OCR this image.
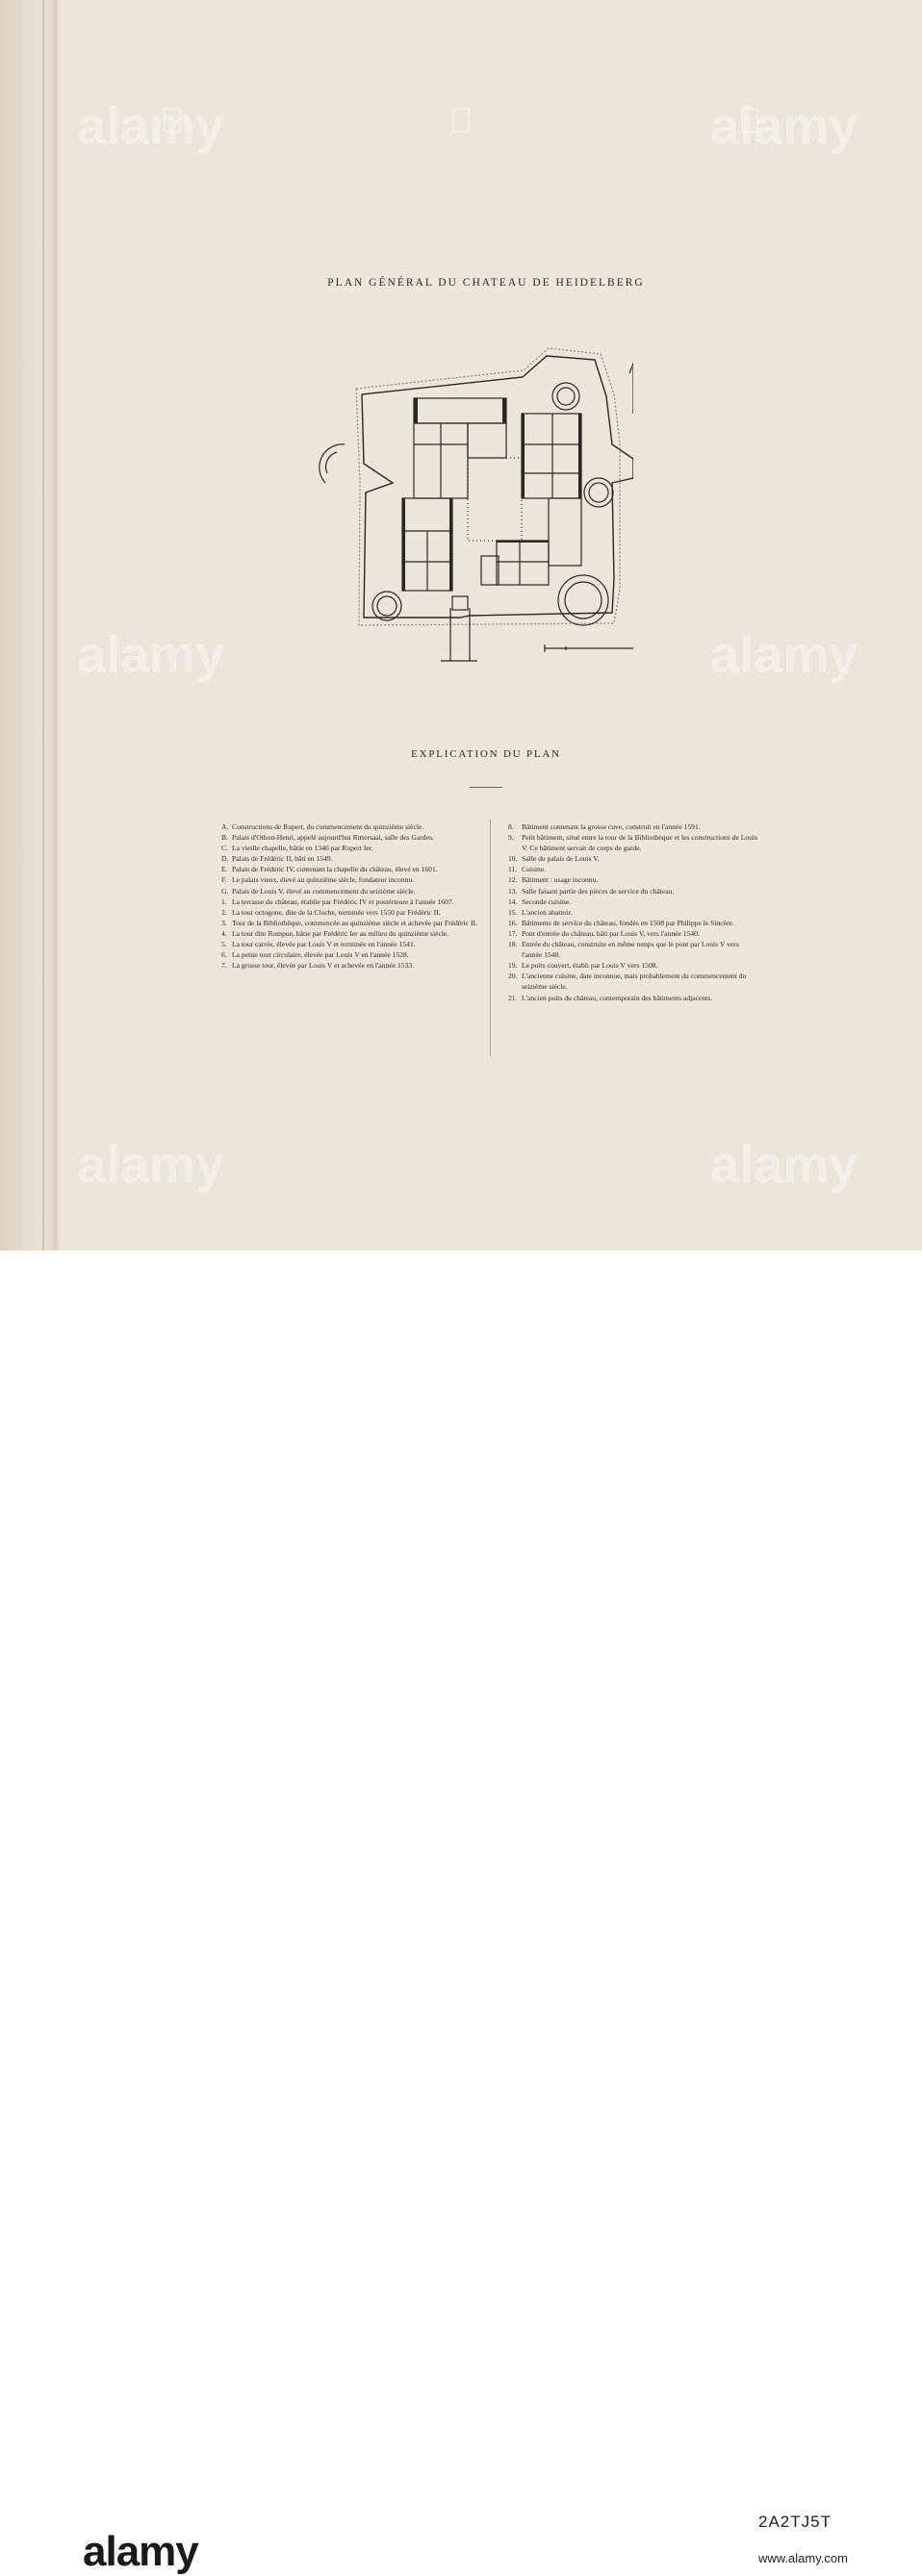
PLAN GÉNÉRAL DU CHATEAU DE HEIDELBERG
EXPLICATION DU PLAN
A. Constructions de Rupert, du commencement du quinzième siècle.
B. Palais d'Othon-Henri, appelé aujourd'hui Rittersaal, salle des Gardes.
C. La vieille chapelle, bâtie en 1346 par Rupert Ier.
D. Palais de Frédéric II, bâti en 1549.
E. Palais de Frédéric IV, contenant la chapelle du château, élevé en 1601.
F. Le palais vieux, élevé au quinzième siècle, fondateur inconnu.
G. Palais de Louis V, élevé au commencement du seizième siècle.
1. La terrasse du château, établie par Frédéric IV et postérieure à l'année 1607.
2. La tour octogone, dite de la Cloche, terminée vers 1550 par Frédéric II.
3. Tour de la Bibliothèque, commencée au quinzième siècle et achevée par Frédéric II.
4. La tour dite Rompue, bâtie par Frédéric Ier au milieu du quinzième siècle.
5. La tour carrée, élevée par Louis V et terminée en l'année 1541.
6. La petite tour circulaire, élevée par Louis V en l'année 1528.
7. La grosse tour, élevée par Louis V et achevée en l'année 1533.
8.	Bâtiment contenant la grosse cuve, construit en l'année 1591.
9.	Petit bâtiment, situé entre la tour de la Bibliothèque et les constructions de Louis V. Ce bâtiment servait de corps de garde.
10. Salle du palais de Louis V.
11. Cuisine.
12. Bâtiment : usage inconnu.
13. Salle faisant partie des pièces de service du château.
14. Seconde cuisine.
15. L'ancien abattoir.
16. Bâtiments de service du château, fondés en 1508 par Philippe le Sincère.
17. Pont d'entrée du château, bâti par Louis V, vers l'année 1540.
18. Entrée du château, construite en même temps que le pont par Louis V vers l'année 1540.
19. Le puits couvert, établi par Louis V vers 1508.
20. L'ancienne cuisine, date inconnue, mais probablement du commencement du seizième siècle.
21. L'ancien puits du château, contemporain des bâtiments adjacents.
alamy	alamy
alamy	alamy
alamy	alamy
alamy
2A2TJ5T
www.alamy.com
